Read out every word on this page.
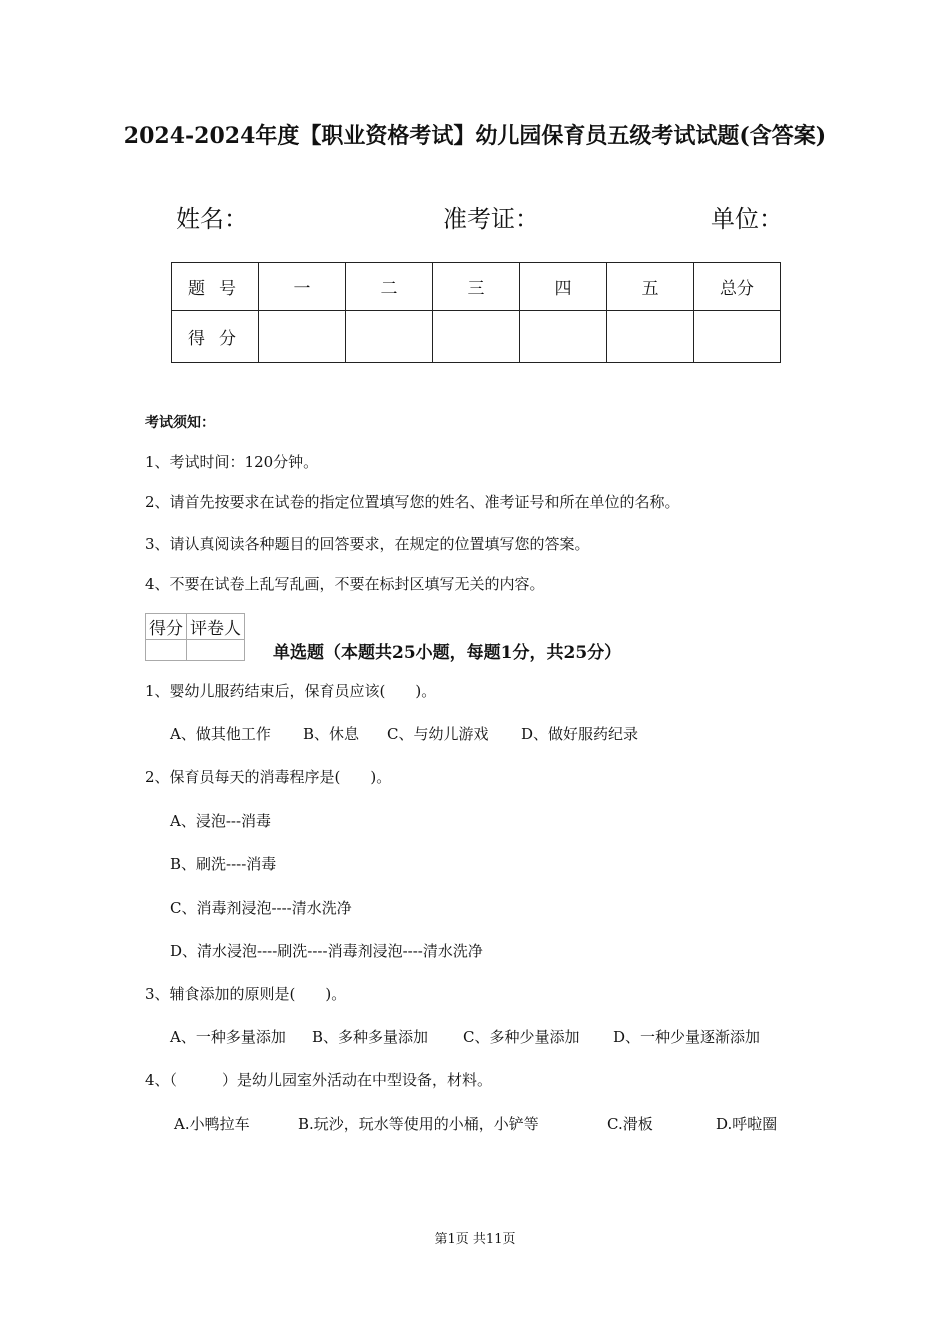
2024-2024年度【职业资格考试】幼儿园保育员五级考试试题(含答案)
姓名：	准考证：	单位：
题号	一	二	三	四	五	总分
得分						
考试须知：
1、考试时间：120分钟。
2、请首先按要求在试卷的指定位置填写您的姓名、准考证号和所在单位的名称。
3、请认真阅读各种题目的回答要求，在规定的位置填写您的答案。
4、不要在试卷上乱写乱画，不要在标封区填写无关的内容。
得分	评卷人

单选题（本题共25小题，每题1分，共25分）
1、婴幼儿服药结束后，保育员应该(　　)。
A、做其他工作 B、休息 C、与幼儿游戏 D、做好服药纪录
2、保育员每天的消毒程序是(　　)。
A、浸泡---消毒
B、刷洗----消毒
C、消毒剂浸泡----清水洗净
D、清水浸泡----刷洗----消毒剂浸泡----清水洗净
3、辅食添加的原则是(　　)。
A、一种多量添加 B、多种多量添加 C、多种少量添加 D、一种少量逐渐添加
4、（　　　）是幼儿园室外活动在中型设备，材料。
A.小鸭拉车	B.玩沙，玩水等使用的小桶，小铲等	C.滑板	D.呼啦圈
第1页 共11页
